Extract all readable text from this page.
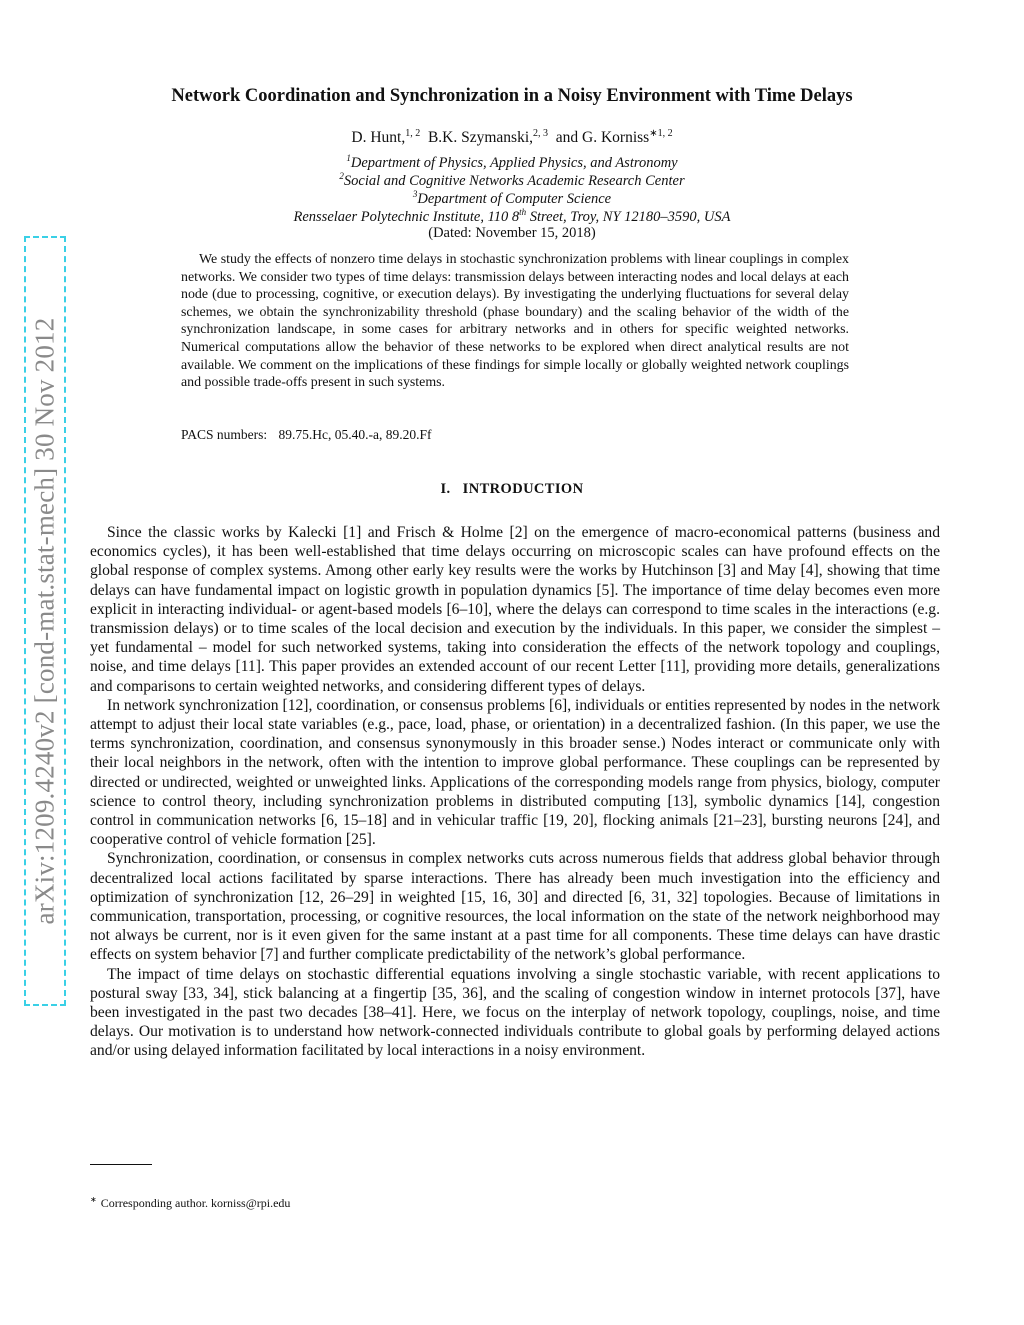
arXiv:1209.4240v2 [cond-mat.stat-mech] 30 Nov 2012
Network Coordination and Synchronization in a Noisy Environment with Time Delays
D. Hunt,$^{1, 2}$ B.K. Szymanski,$^{2, 3}$ and G. Korniss$^{∗1, 2}$
$^1$Department of Physics, Applied Physics, and Astronomy
$^2$Social and Cognitive Networks Academic Research Center
$^3$Department of Computer Science
Rensselaer Polytechnic Institute, 110 8th Street, Troy, NY 12180–3590, USA
(Dated: November 15, 2018)
We study the effects of nonzero time delays in stochastic synchronization problems with linear couplings in complex networks. We consider two types of time delays: transmission delays between interacting nodes and local delays at each node (due to processing, cognitive, or execution delays). By investigating the underlying fluctuations for several delay schemes, we obtain the synchronizability threshold (phase boundary) and the scaling behavior of the width of the synchronization landscape, in some cases for arbitrary networks and in others for specific weighted networks. Numerical computations allow the behavior of these networks to be explored when direct analytical results are not available. We comment on the implications of these findings for simple locally or globally weighted network couplings and possible trade-offs present in such systems.
PACS numbers: 89.75.Hc, 05.40.-a, 89.20.Ff
I. INTRODUCTION

Since the classic works by Kalecki [1] and Frisch & Holme [2] on the emergence of macro-economical patterns (business and economics cycles), it has been well-established that time delays occurring on microscopic scales can have profound effects on the global response of complex systems. Among other early key results were the works by Hutchinson [3] and May [4], showing that time delays can have fundamental impact on logistic growth in population dynamics [5]. The importance of time delay becomes even more explicit in interacting individual- or agent-based models [6–10], where the delays can correspond to time scales in the interactions (e.g. transmission delays) or to time scales of the local decision and execution by the individuals. In this paper, we consider the simplest – yet fundamental – model for such networked systems, taking into consideration the effects of the network topology and couplings, noise, and time delays [11]. This paper provides an extended account of our recent Letter [11], providing more details, generalizations and comparisons to certain weighted networks, and considering different types of delays.

In network synchronization [12], coordination, or consensus problems [6], individuals or entities represented by nodes in the network attempt to adjust their local state variables (e.g., pace, load, phase, or orientation) in a decentralized fashion. (In this paper, we use the terms synchronization, coordination, and consensus synonymously in this broader sense.) Nodes interact or communicate only with their local neighbors in the network, often with the intention to improve global performance. These couplings can be represented by directed or undirected, weighted or unweighted links. Applications of the corresponding models range from physics, biology, computer science to control theory, including synchronization problems in distributed computing [13], symbolic dynamics [14], congestion control in communication networks [6, 15–18] and in vehicular traffic [19, 20], flocking animals [21–23], bursting neurons [24], and cooperative control of vehicle formation [25].

Synchronization, coordination, or consensus in complex networks cuts across numerous fields that address global behavior through decentralized local actions facilitated by sparse interactions. There has already been much investigation into the efficiency and optimization of synchronization [12, 26–29] in weighted [15, 16, 30] and directed [6, 31, 32] topologies. Because of limitations in communication, transportation, processing, or cognitive resources, the local information on the state of the network neighborhood may not always be current, nor is it even given for the same instant at a past time for all components. These time delays can have drastic effects on system behavior [7] and further complicate predictability of the network’s global performance.

The impact of time delays on stochastic differential equations involving a single stochastic variable, with recent applications to postural sway [33, 34], stick balancing at a fingertip [35, 36], and the scaling of congestion window in internet protocols [37], have been investigated in the past two decades [38–41]. Here, we focus on the interplay of network topology, couplings, noise, and time delays. Our motivation is to understand how network-connected individuals contribute to global goals by performing delayed actions and/or using delayed information facilitated by local interactions in a noisy environment.

∗ Corresponding author. korniss@rpi.edu
